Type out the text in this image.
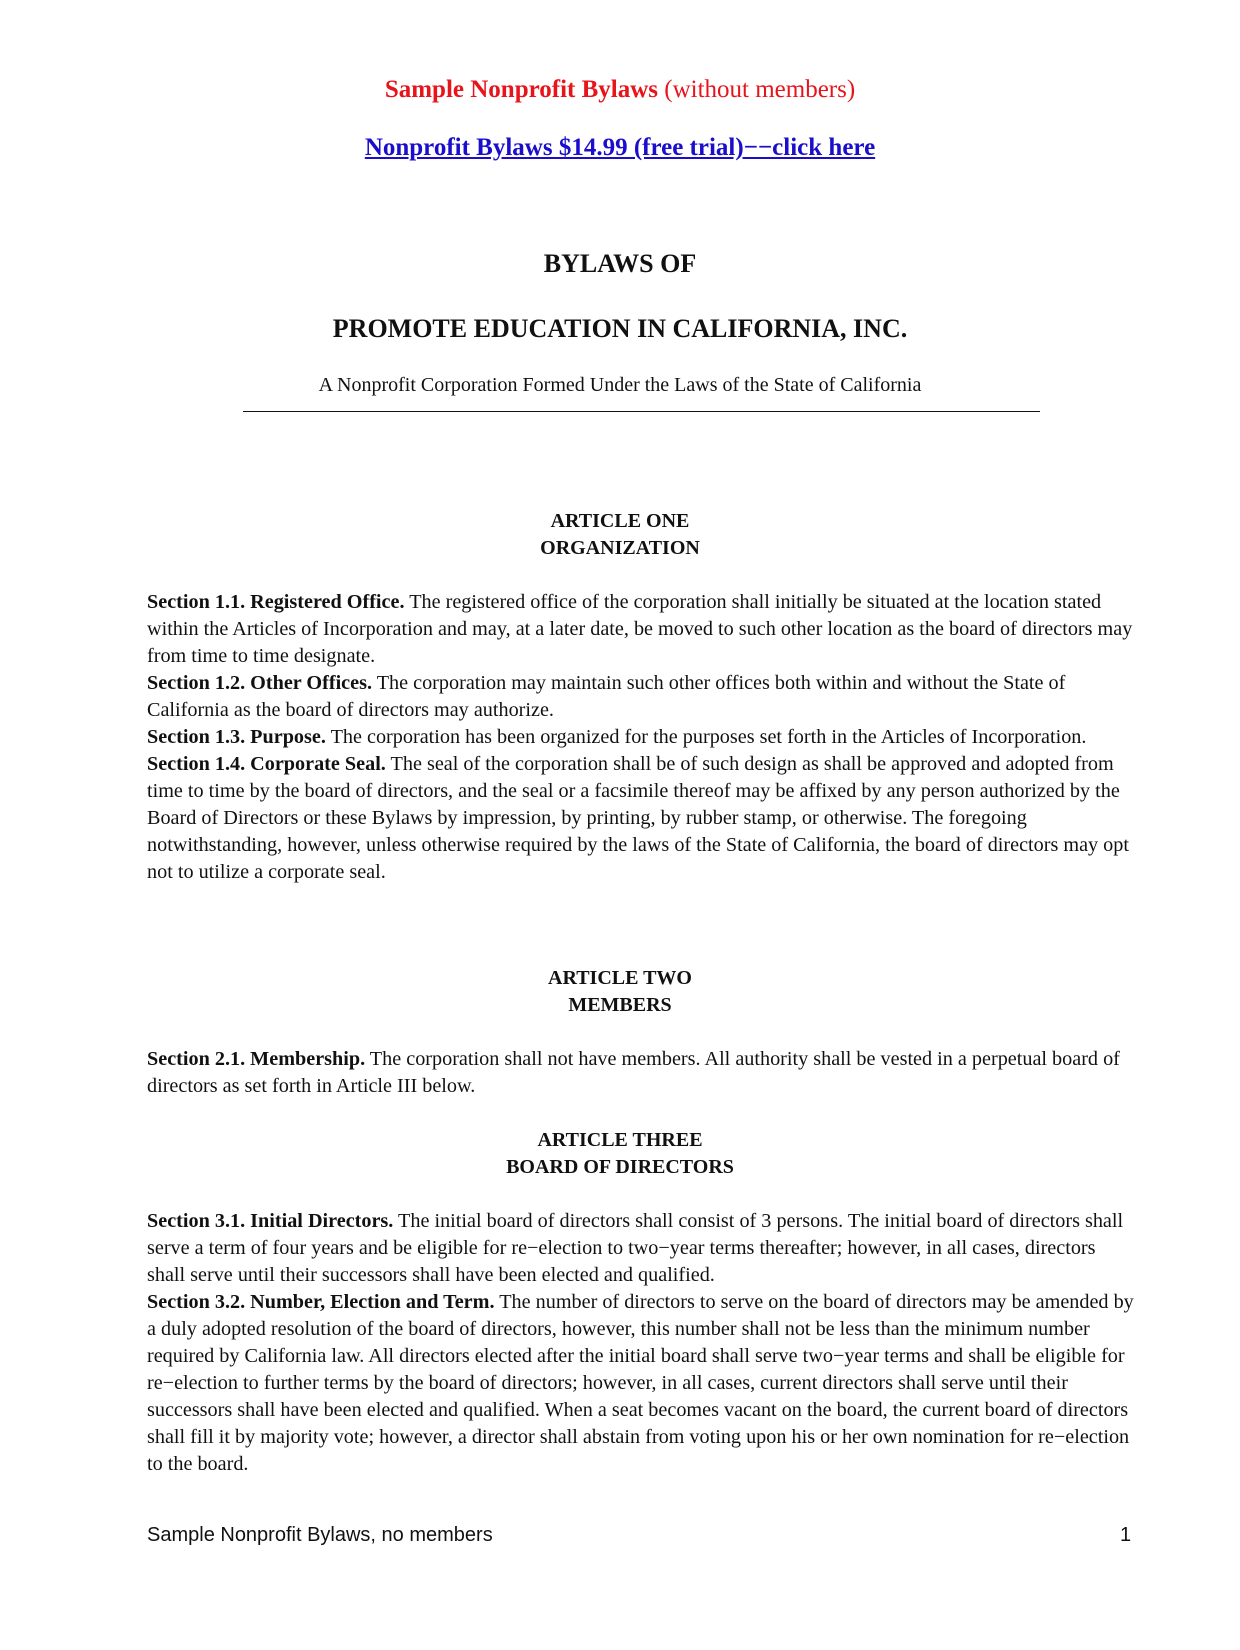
Sample Nonprofit Bylaws (without members)
Nonprofit Bylaws $14.99 (free trial)−−click here
BYLAWS OF
PROMOTE EDUCATION IN CALIFORNIA, INC.
A Nonprofit Corporation Formed Under the Laws of the State of California
ARTICLE ONE
ORGANIZATION

Section 1.1. Registered Office. The registered office of the corporation shall initially be situated at the location stated within the Articles of Incorporation and may, at a later date, be moved to such other location as the board of directors may from time to time designate.

Section 1.2. Other Offices. The corporation may maintain such other offices both within and without the State of California as the board of directors may authorize.

Section 1.3. Purpose. The corporation has been organized for the purposes set forth in the Articles of Incorporation.

Section 1.4. Corporate Seal. The seal of the corporation shall be of such design as shall be approved and adopted from time to time by the board of directors, and the seal or a facsimile thereof may be affixed by any person authorized by the Board of Directors or these Bylaws by impression, by printing, by rubber stamp, or otherwise. The foregoing notwithstanding, however, unless otherwise required by the laws of the State of California, the board of directors may opt not to utilize a corporate seal.

ARTICLE TWO
MEMBERS

Section 2.1. Membership. The corporation shall not have members. All authority shall be vested in a perpetual board of directors as set forth in Article III below.

ARTICLE THREE
BOARD OF DIRECTORS

Section 3.1. Initial Directors. The initial board of directors shall consist of 3 persons. The initial board of directors shall serve a term of four years and be eligible for re−election to two−year terms thereafter; however, in all cases, directors shall serve until their successors shall have been elected and qualified.

Section 3.2. Number, Election and Term. The number of directors to serve on the board of directors may be amended by a duly adopted resolution of the board of directors, however, this number shall not be less than the minimum number required by California law. All directors elected after the initial board shall serve two−year terms and shall be eligible for re−election to further terms by the board of directors; however, in all cases, current directors shall serve until their successors shall have been elected and qualified. When a seat becomes vacant on the board, the current board of directors shall fill it by majority vote; however, a director shall abstain from voting upon his or her own nomination for re−election to the board.

Sample Nonprofit Bylaws, no members	1
